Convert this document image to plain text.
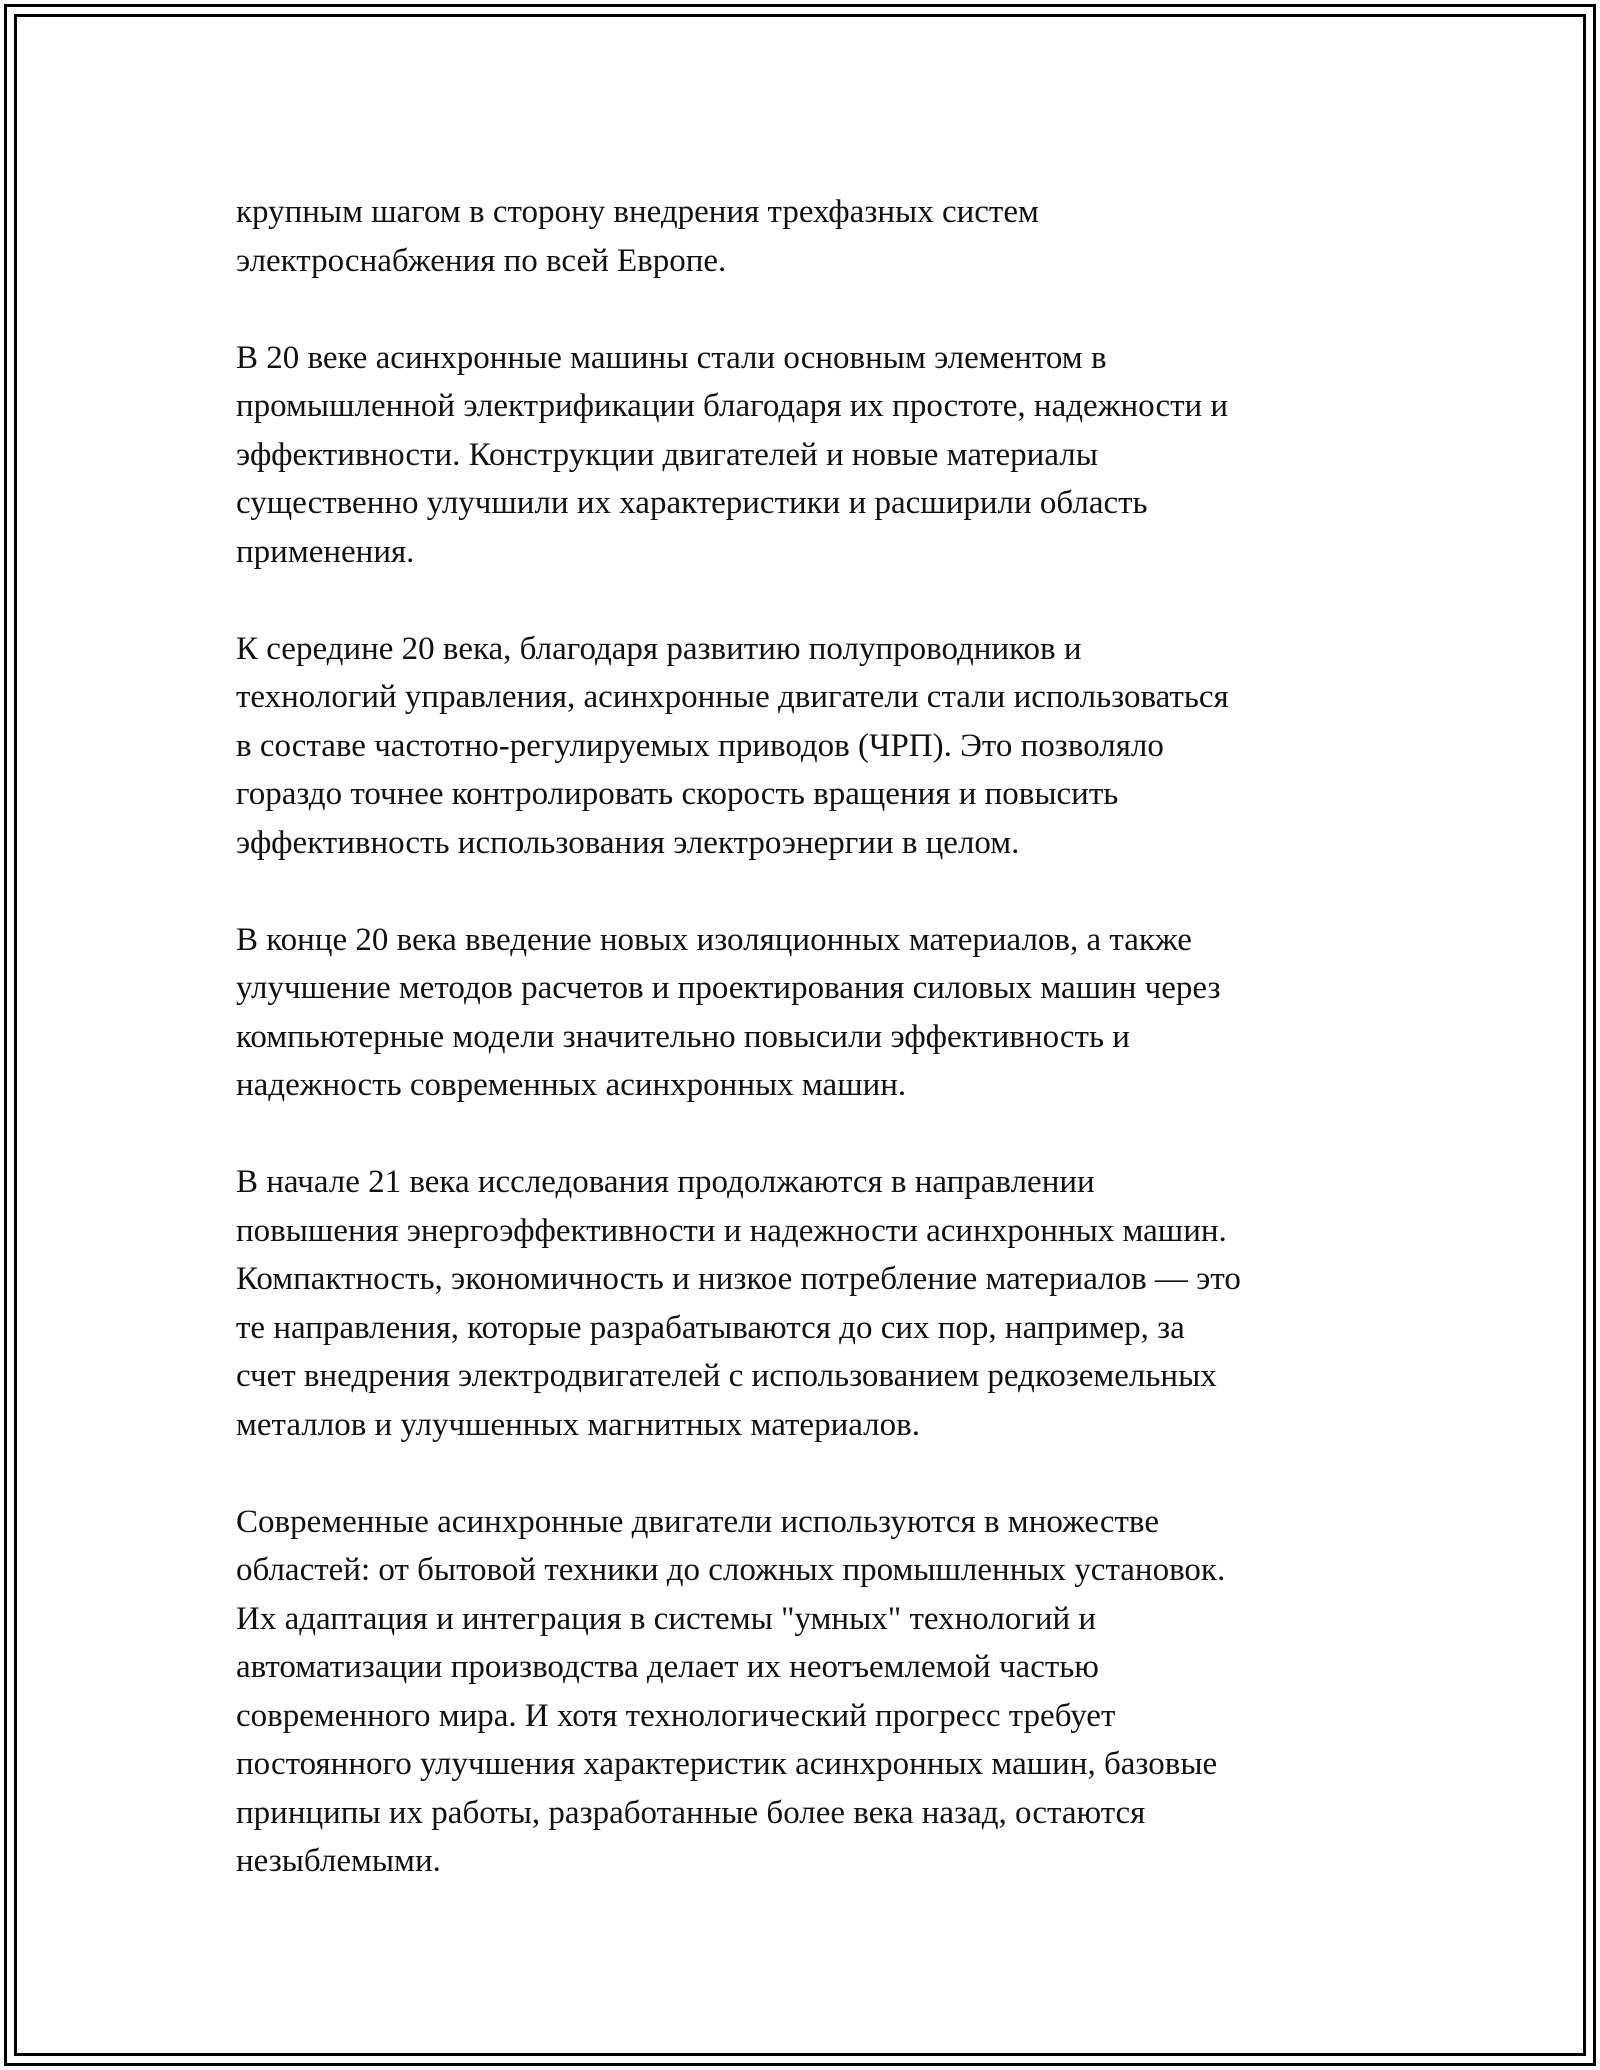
крупным шагом в сторону внедрения трехфазных систем
электроснабжения по всей Европе.

В 20 веке асинхронные машины стали основным элементом в
промышленной электрификации благодаря их простоте, надежности и
эффективности. Конструкции двигателей и новые материалы
существенно улучшили их характеристики и расширили область
применения.

К середине 20 века, благодаря развитию полупроводников и
технологий управления, асинхронные двигатели стали использоваться
в составе частотно-регулируемых приводов (ЧРП). Это позволяло
гораздо точнее контролировать скорость вращения и повысить
эффективность использования электроэнергии в целом.

В конце 20 века введение новых изоляционных материалов, а также
улучшение методов расчетов и проектирования силовых машин через
компьютерные модели значительно повысили эффективность и
надежность современных асинхронных машин.

В начале 21 века исследования продолжаются в направлении
повышения энергоэффективности и надежности асинхронных машин.
Компактность, экономичность и низкое потребление материалов — это
те направления, которые разрабатываются до сих пор, например, за
счет внедрения электродвигателей с использованием редкоземельных
металлов и улучшенных магнитных материалов.

Современные асинхронные двигатели используются в множестве
областей: от бытовой техники до сложных промышленных установок.
Их адаптация и интеграция в системы "умных" технологий и
автоматизации производства делает их неотъемлемой частью
современного мира. И хотя технологический прогресс требует
постоянного улучшения характеристик асинхронных машин, базовые
принципы их работы, разработанные более века назад, остаются
незыблемыми.
